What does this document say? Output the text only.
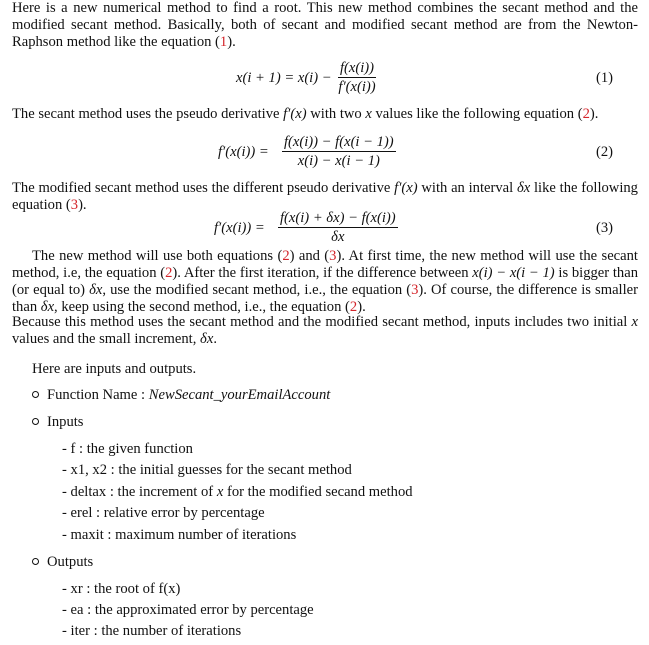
Here is a new numerical method to find a root. This new method combines the secant method and the modified secant method. Basically, both of secant and modified secant method are from the Newton-Raphson method like the equation (1).
$x(i + 1) = x(i) - \frac{f(x(i))}{f'(x(i))}$	(1)
The secant method uses the pseudo derivative f′(x) with two x values like the following equation (2).
$f'(x(i)) = \frac{f(x(i)) - f(x(i - 1))}{x(i) - x(i - 1)}$	(2)
The modified secant method uses the different pseudo derivative f′(x) with an interval δx like the following equation (3).
$f'(x(i)) = \frac{f(x(i) + \delta x) - f(x(i))}{\delta x}$	(3)
The new method will use both equations (2) and (3). At first time, the new method will use the secant method, i.e, the equation (2). After the first iteration, if the difference between x(i) − x(i − 1) is bigger than (or equal to) δx, use the modified secant method, i.e., the equation (3). Of course, the difference is smaller than δx, keep using the second method, i.e., the equation (2).
Because this method uses the secant method and the modified secant method, inputs includes two initial x values and the small increment, δx.
Here are inputs and outputs.
Function Name : NewSecant_yourEmailAccount
Inputs
- f : the given function
- x1, x2 : the initial guesses for the secant method
- deltax : the increment of x for the modified secand method
- erel : relative error by percentage
- maxit : maximum number of iterations
Outputs
- xr : the root of f(x)
- ea : the approximated error by percentage
- iter : the number of iterations
